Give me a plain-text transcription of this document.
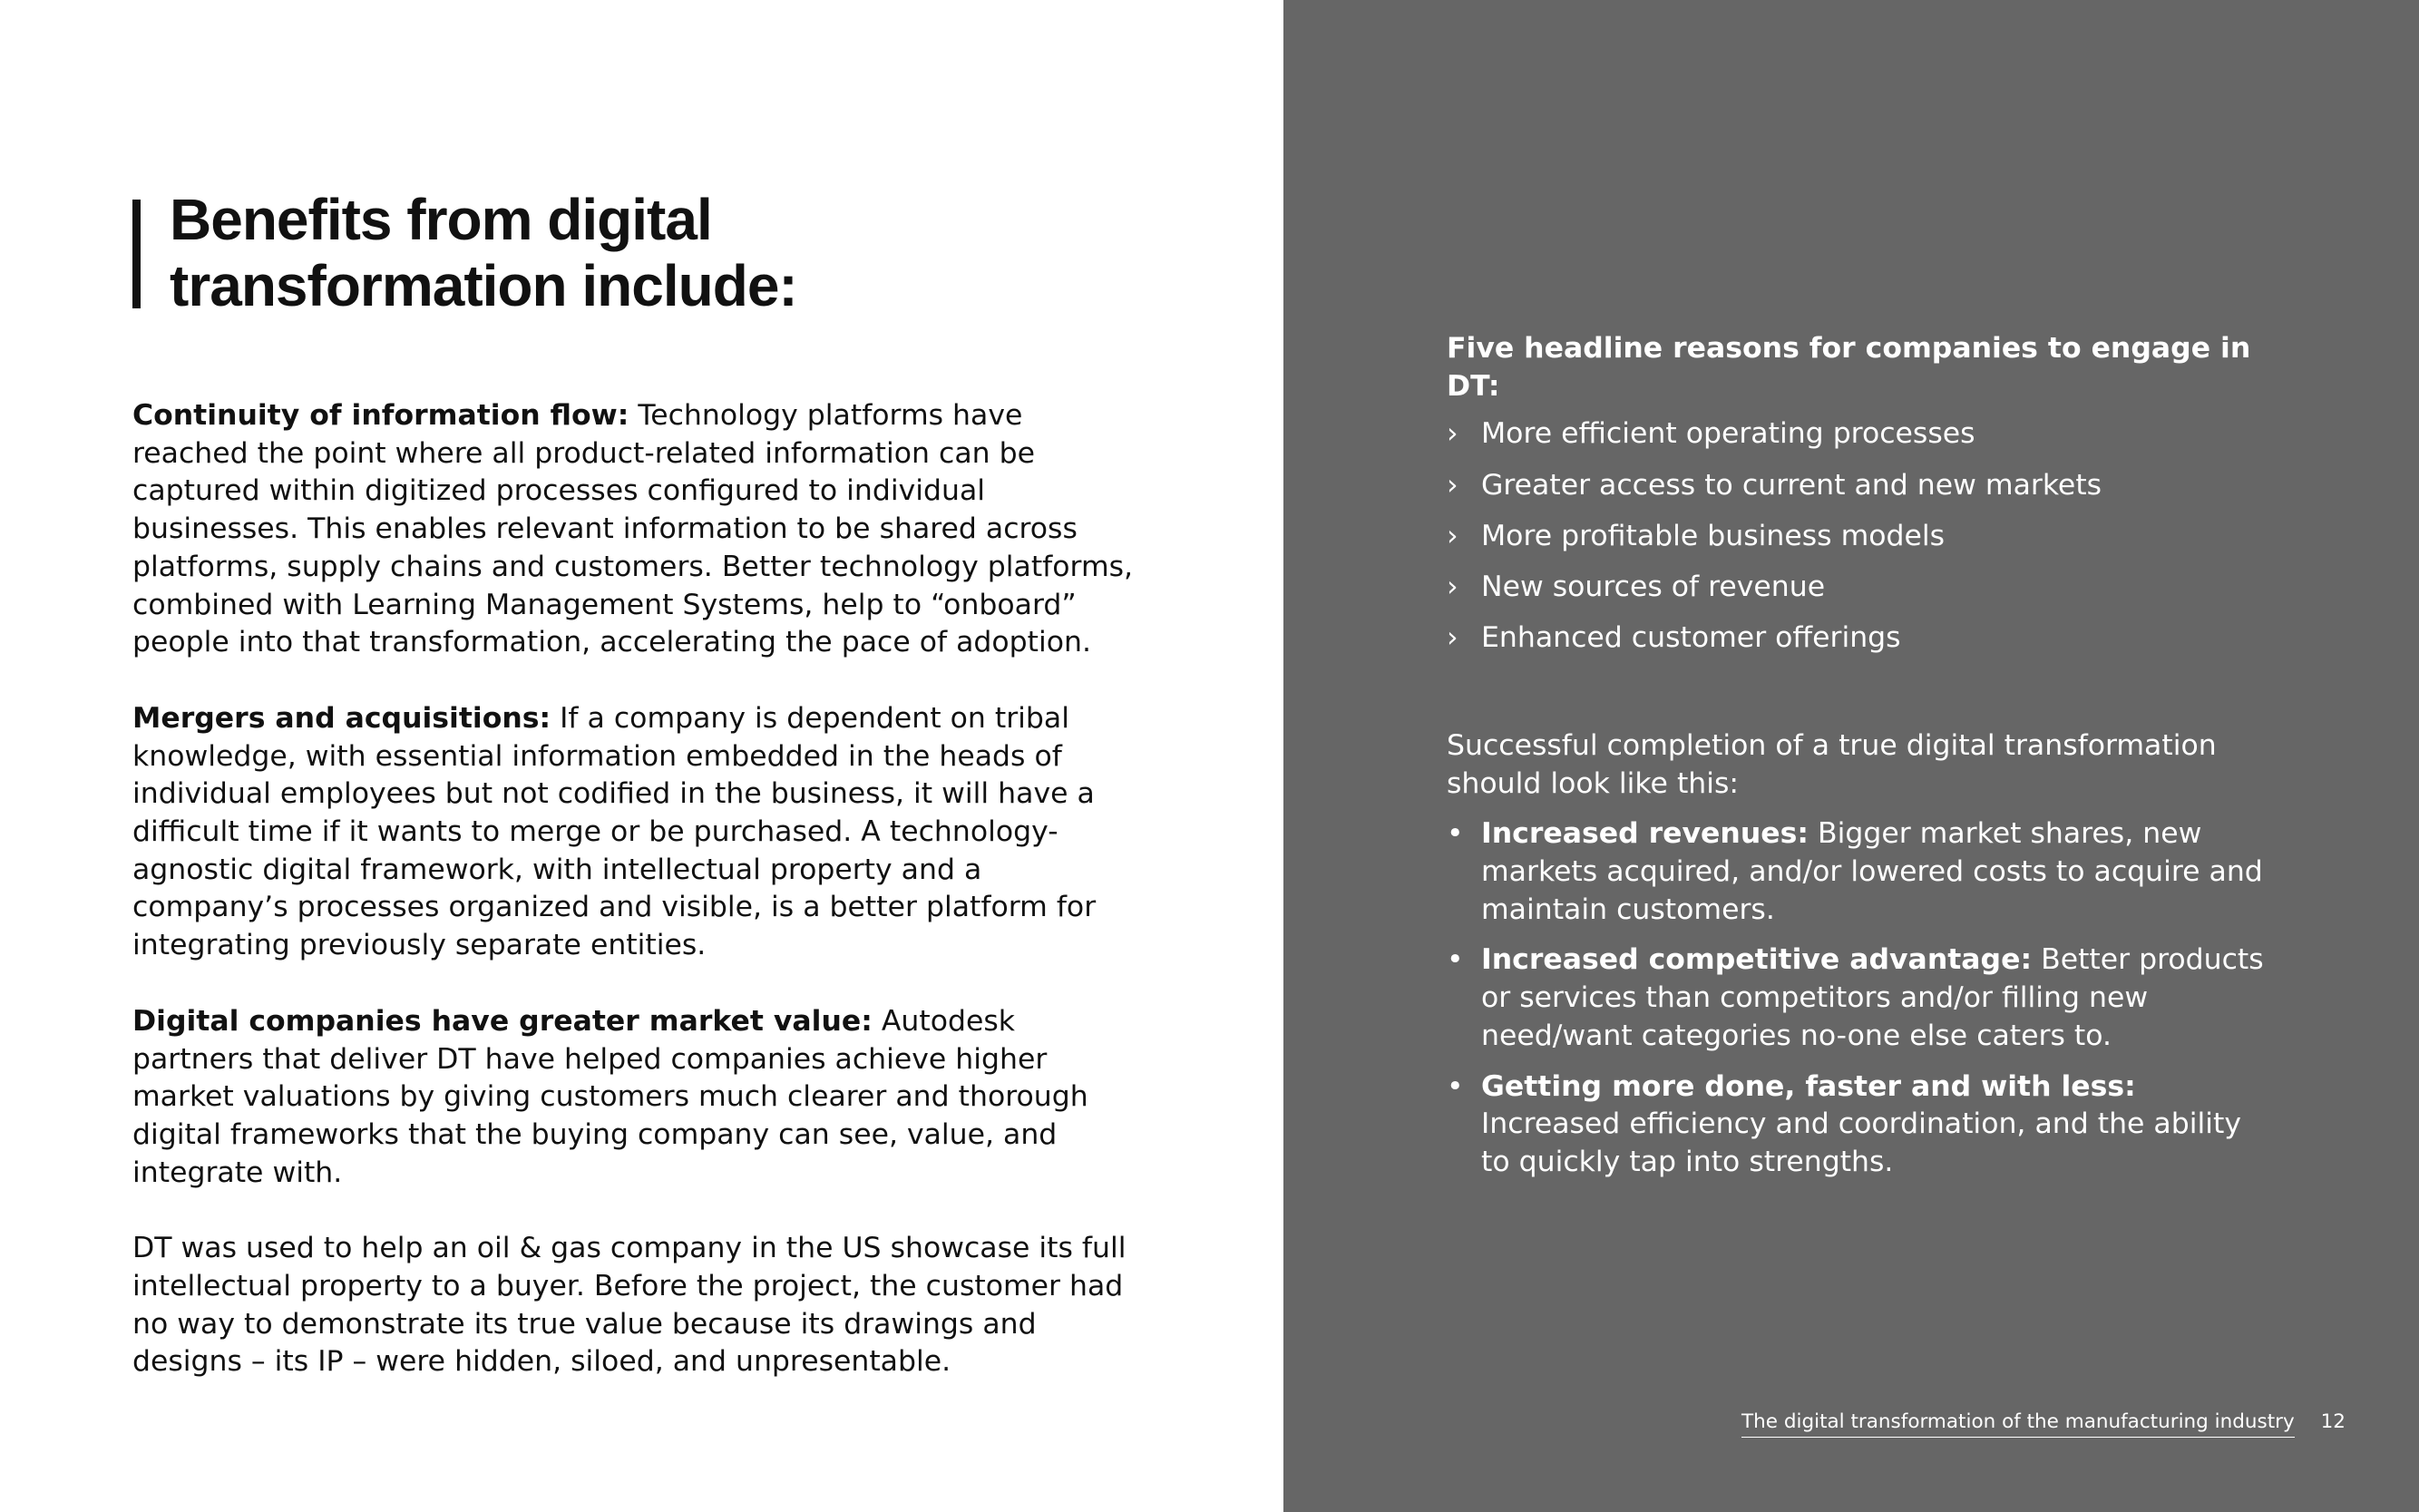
Benefits from digital
transformation include:

Continuity of information flow: Technology platforms have reached the point where all product-related information can be captured within digitized processes configured to individual businesses. This enables relevant information to be shared across platforms, supply chains and customers. Better technology platforms, combined with Learning Management Systems, help to “onboard” people into that transformation, accelerating the pace of adoption.

Mergers and acquisitions: If a company is dependent on tribal knowledge, with essential information embedded in the heads of individual employees but not codified in the business, it will have a difficult time if it wants to merge or be purchased. A technology-agnostic digital framework, with intellectual property and a company’s processes organized and visible, is a better platform for integrating previously separate entities.

Digital companies have greater market value: Autodesk partners that deliver DT have helped companies achieve higher market valuations by giving customers much clearer and thorough digital frameworks that the buying company can see, value, and integrate with.

DT was used to help an oil & gas company in the US showcase its full intellectual property to a buyer. Before the project, the customer had no way to demonstrate its true value because its drawings and designs – its IP – were hidden, siloed, and unpresentable.

Five headline reasons for companies to engage in DT:
› More efficient operating processes
› Greater access to current and new markets
› More profitable business models
› New sources of revenue
› Enhanced customer offerings

Successful completion of a true digital transformation should look like this:

• Increased revenues: Bigger market shares, new markets acquired, and/or lowered costs to acquire and maintain customers.
• Increased competitive advantage: Better products or services than competitors and/or filling new need/want categories no-one else caters to.
• Getting more done, faster and with less: Increased efficiency and coordination, and the ability to quickly tap into strengths.
The digital transformation of the manufacturing industry 12
